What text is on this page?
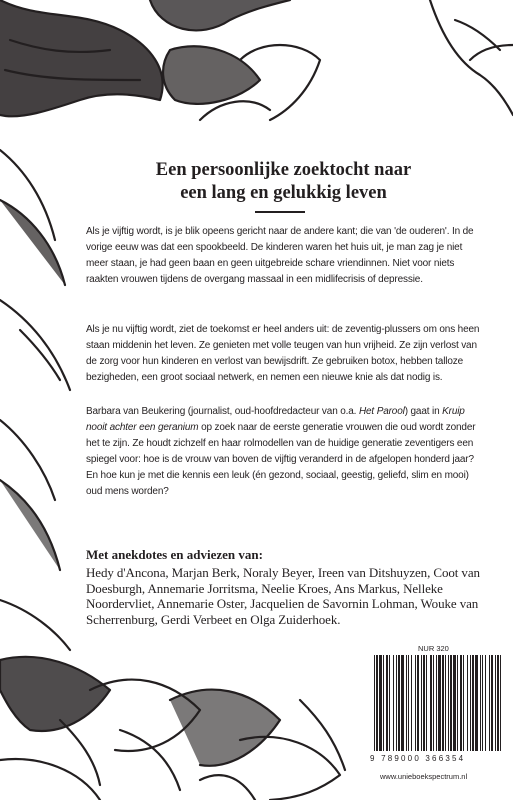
Een persoonlijke zoektocht naar
een lang en gelukkig leven

Als je vijftig wordt, is je blik opeens gericht naar de andere kant; die van 'de ouderen'. In de vorige eeuw was dat een spookbeeld. De kinderen waren het huis uit, je man zag je niet meer staan, je had geen baan en geen uitgebreide schare vriendinnen. Niet voor niets raakten vrouwen tijdens de overgang massaal in een midlifecrisis of depressie.

Als je nu vijftig wordt, ziet de toekomst er heel anders uit: de zeventig-plussers om ons heen staan middenin het leven. Ze genieten met volle teugen van hun vrijheid. Ze zijn verlost van de zorg voor hun kinderen en verlost van bewijsdrift. Ze gebruiken botox, hebben talloze bezigheden, een groot sociaal netwerk, en nemen een nieuwe knie als dat nodig is.

Barbara van Beukering (journalist, oud-hoofdredacteur van o.a. Het Parool) gaat in Kruip nooit achter een geranium op zoek naar de eerste generatie vrouwen die oud wordt zonder het te zijn. Ze houdt zichzelf en haar rolmodellen van de huidige generatie zeventigers een spiegel voor: hoe is de vrouw van boven de vijftig veranderd in de afgelopen honderd jaar? En hoe kun je met die kennis een leuk (én gezond, sociaal, geestig, geliefd, slim en mooi) oud mens worden?

Met anekdotes en adviezen van:

Hedy d'Ancona, Marjan Berk, Noraly Beyer, Ireen van Ditshuyzen, Coot van Doesburgh, Annemarie Jorritsma, Neelie Kroes, Ans Markus, Nelleke Noordervliet, Annemarie Oster, Jacquelien de Savornin Lohman, Wouke van Scherrenburg, Gerdi Verbeet en Olga Zuiderhoek.

NUR 320
9 789000 366354
www.unieboekspectrum.nl
